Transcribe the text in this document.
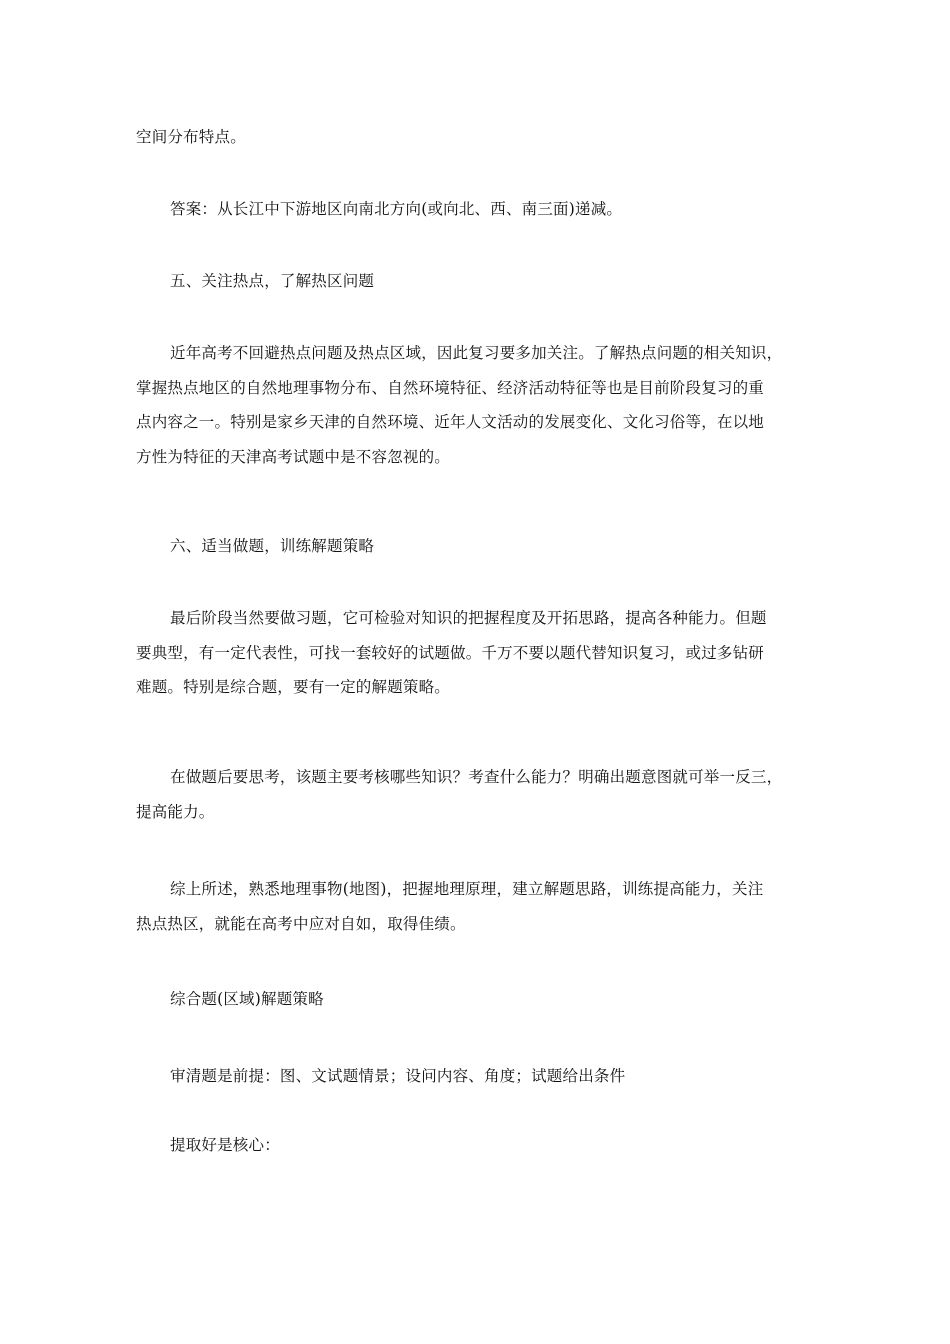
空间分布特点。

答案：从长江中下游地区向南北方向(或向北、西、南三面)递减。

五、关注热点，了解热区问题

近年高考不回避热点问题及热点区域，因此复习要多加关注。了解热点问题的相关知识，
掌握热点地区的自然地理事物分布、自然环境特征、经济活动特征等也是目前阶段复习的重
点内容之一。特别是家乡天津的自然环境、近年人文活动的发展变化、文化习俗等，在以地
方性为特征的天津高考试题中是不容忽视的。

六、适当做题，训练解题策略

最后阶段当然要做习题，它可检验对知识的把握程度及开拓思路，提高各种能力。但题
要典型，有一定代表性，可找一套较好的试题做。千万不要以题代替知识复习，或过多钻研
难题。特别是综合题，要有一定的解题策略。

在做题后要思考，该题主要考核哪些知识？考查什么能力？明确出题意图就可举一反三，
提高能力。

综上所述，熟悉地理事物(地图)，把握地理原理，建立解题思路，训练提高能力，关注
热点热区，就能在高考中应对自如，取得佳绩。

综合题(区域)解题策略

审清题是前提：图、文试题情景；设问内容、角度；试题给出条件

提取好是核心：
